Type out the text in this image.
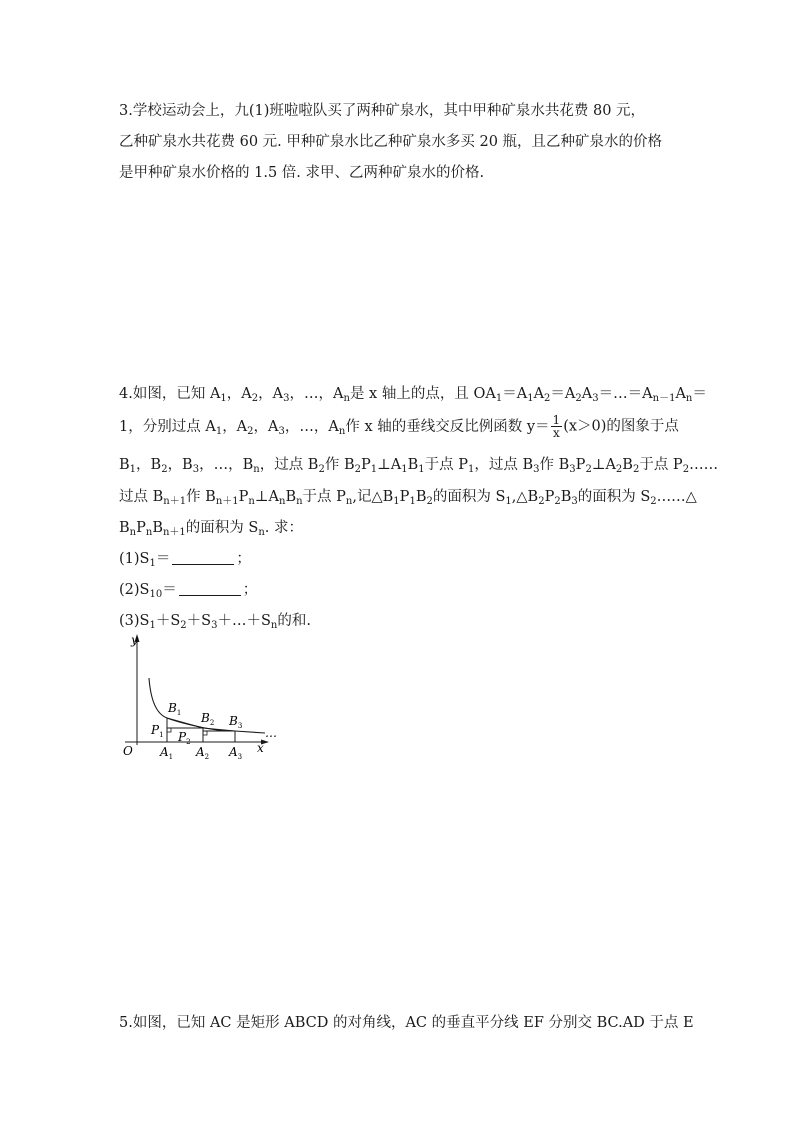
3.学校运动会上，九(1)班啦啦队买了两种矿泉水，其中甲种矿泉水共花费 80 元，
乙种矿泉水共花费 60 元. 甲种矿泉水比乙种矿泉水多买 20 瓶，且乙种矿泉水的价格
是甲种矿泉水价格的 1.5 倍. 求甲、乙两种矿泉水的价格.
4.如图，已知 $A_1$，$A_2$，$A_3$，…，$A_n$是 x 轴上的点，且 $OA_1=A_1A_2=A_2A_3=\dots=A_{n-1}A_n=$
1，分别过点 $A_1$，$A_2$，$A_3$，…，$A_n$作 x 轴的垂线交反比例函数 $y= \frac{1}{x} (x>0)$的图象于点
$B_1$，$B_2$，$B_3$，…，$B_n$，过点 $B_2$作 $B_2P_1\perp A_1B_1$于点 $P_1$，过点 $B_3$作 $B_3P_2\perp A_2B_2$于点 $P_2\dots\dots$
过点 $B_{n+1}$作 $B_{n+1}P_n\perp A_nB_n$于点 $P_n$,记$\triangle B_1P_1B_2$的面积为 $S_1,\triangle B_2P_2B_3$的面积为 $S_2\dots\dots\triangle$
$B_nP_nB_{n+1}$的面积为 $S_n$. 求：
$(1)S_1=$	；
$(2)S_{10}=$	；
$(3)S_1+S_2+S_3+\dots+S_n$的和.
y
x
O
…
$B_1$ $B_2$ $B_3$
$P_1$ $P_2$
$A_1$ $A_2$ $A_3$
5.如图，已知 AC 是矩形 ABCD 的对角线，AC 的垂直平分线 EF 分别交 BC.AD 于点 E
